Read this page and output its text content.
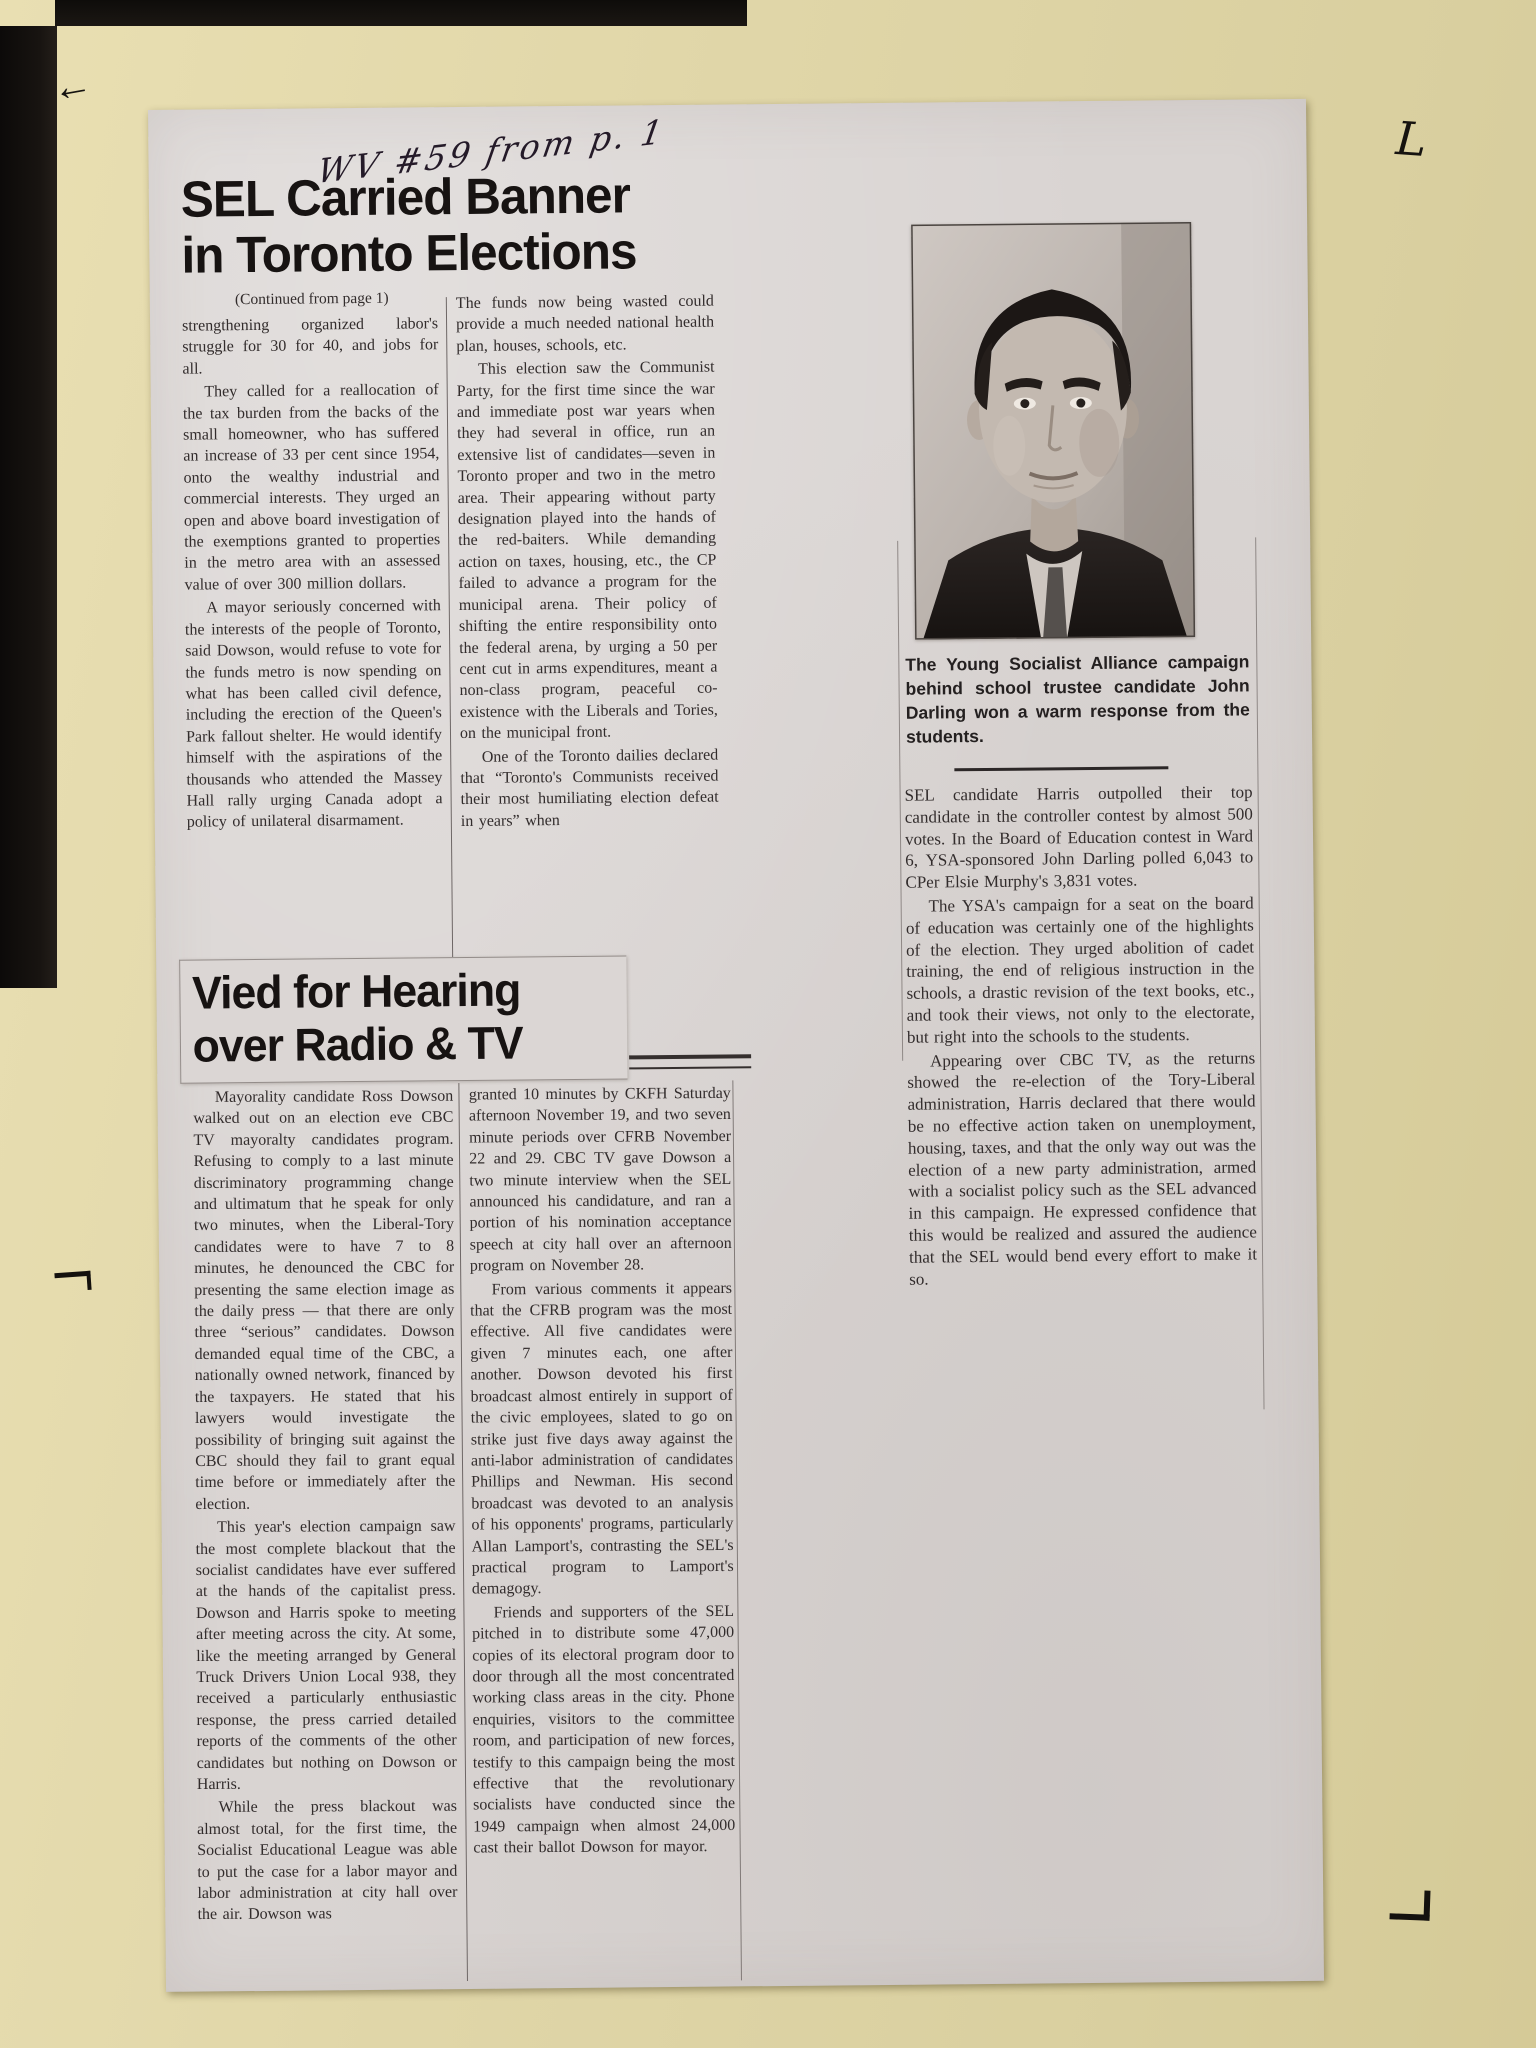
←
L
WV #59 from p. 1
SEL Carried Banner
in Toronto Elections
(Continued from page 1)

strengthening organized labor's struggle for 30 for 40, and jobs for all.

They called for a reallocation of the tax burden from the backs of the small homeowner, who has suffered an increase of 33 per cent since 1954, onto the wealthy industrial and commercial interests. They urged an open and above board investigation of the exemptions granted to properties in the metro area with an assessed value of over 300 million dollars.

A mayor seriously concerned with the interests of the people of Toronto, said Dowson, would refuse to vote for the funds metro is now spending on what has been called civil defence, including the erection of the Queen's Park fallout shelter. He would identify himself with the aspirations of the thousands who attended the Massey Hall rally urging Canada adopt a policy of unilateral disarmament.

The funds now being wasted could provide a much needed national health plan, houses, schools, etc.

This election saw the Communist Party, for the first time since the war and immediate post war years when they had several in office, run an extensive list of candidates—seven in Toronto proper and two in the metro area. Their appearing without party designation played into the hands of the red-baiters. While demanding action on taxes, housing, etc., the CP failed to advance a program for the municipal arena. Their policy of shifting the entire responsibility onto the federal arena, by urging a 50 per cent cut in arms expenditures, meant a non-class program, peaceful co-existence with the Liberals and Tories, on the municipal front.

One of the Toronto dailies declared that “Toronto's Communists received their most humiliating election defeat in years” when

The Young Socialist Alliance campaign behind school trustee candidate John Darling won a warm response from the students.

SEL candidate Harris outpolled their top candidate in the controller contest by almost 500 votes. In the Board of Education contest in Ward 6, YSA-sponsored John Darling polled 6,043 to CPer Elsie Murphy's 3,831 votes.

The YSA's campaign for a seat on the board of education was certainly one of the highlights of the election. They urged abolition of cadet training, the end of religious instruction in the schools, a drastic revision of the text books, etc., and took their views, not only to the electorate, but right into the schools to the students.

Appearing over CBC TV, as the returns showed the re-election of the Tory-Liberal administration, Harris declared that there would be no effective action taken on unemployment, housing, taxes, and that the only way out was the election of a new party administration, armed with a socialist policy such as the SEL advanced in this campaign. He expressed confidence that this would be realized and assured the audience that the SEL would bend every effort to make it so.

Vied for Hearing
over Radio & TV

Mayorality candidate Ross Dowson walked out on an election eve CBC TV mayoralty candidates program. Refusing to comply to a last minute discriminatory programming change and ultimatum that he speak for only two minutes, when the Liberal-Tory candidates were to have 7 to 8 minutes, he denounced the CBC for presenting the same election image as the daily press — that there are only three “serious” candidates. Dowson demanded equal time of the CBC, a nationally owned network, financed by the taxpayers. He stated that his lawyers would investigate the possibility of bringing suit against the CBC should they fail to grant equal time before or immediately after the election.

This year's election campaign saw the most complete blackout that the socialist candidates have ever suffered at the hands of the capitalist press. Dowson and Harris spoke to meeting after meeting across the city. At some, like the meeting arranged by General Truck Drivers Union Local 938, they received a particularly enthusiastic response, the press carried detailed reports of the comments of the other candidates but nothing on Dowson or Harris.

While the press blackout was almost total, for the first time, the Socialist Educational League was able to put the case for a labor mayor and labor administration at city hall over the air. Dowson was

granted 10 minutes by CKFH Saturday afternoon November 19, and two seven minute periods over CFRB November 22 and 29. CBC TV gave Dowson a two minute interview when the SEL announced his candidature, and ran a portion of his nomination acceptance speech at city hall over an afternoon program on November 28.

From various comments it appears that the CFRB program was the most effective. All five candidates were given 7 minutes each, one after another. Dowson devoted his first broadcast almost entirely in support of the civic employees, slated to go on strike just five days away against the anti-labor administration of candidates Phillips and Newman. His second broadcast was devoted to an analysis of his opponents' programs, particularly Allan Lamport's, contrasting the SEL's practical program to Lamport's demagogy.

Friends and supporters of the SEL pitched in to distribute some 47,000 copies of its electoral program door to door through all the most concentrated working class areas in the city. Phone enquiries, visitors to the committee room, and participation of new forces, testify to this campaign being the most effective that the revolutionary socialists have conducted since the 1949 campaign when almost 24,000 cast their ballot Dowson for mayor.
